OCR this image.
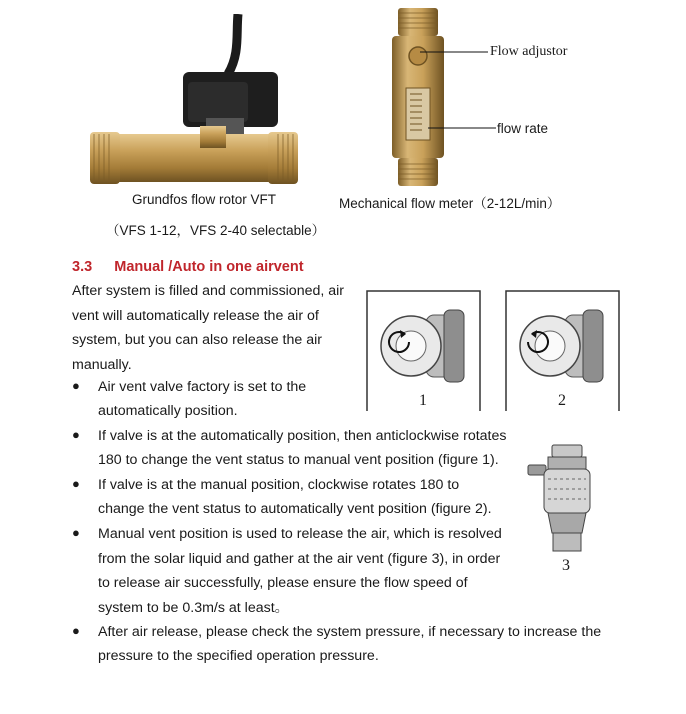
Flow adjustor
flow rate
Grundfos flow rotor VFT
（VFS 1-12，VFS 2-40 selectable）
Mechanical flow meter（2-12L/min）
3.3 Manual /Auto in one airvent
After system is filled and commissioned, air
vent will automatically release the air of
system, but you can also release the air
manually.
1	2
3
● Air vent valve factory is set to the
automatically position.
● If valve is at the automatically position, then anticlockwise rotates
180 to change the vent status to manual vent position (figure 1).
● If valve is at the manual position, clockwise rotates 180 to
change the vent status to automatically vent position (figure 2).
● Manual vent position is used to release the air, which is resolved
from the solar liquid and gather at the air vent (figure 3), in order
to release air successfully, please ensure the flow speed of
system to be 0.3m/s at least。
● After air release, please check the system pressure, if necessary to increase the
pressure to the specified operation pressure.
